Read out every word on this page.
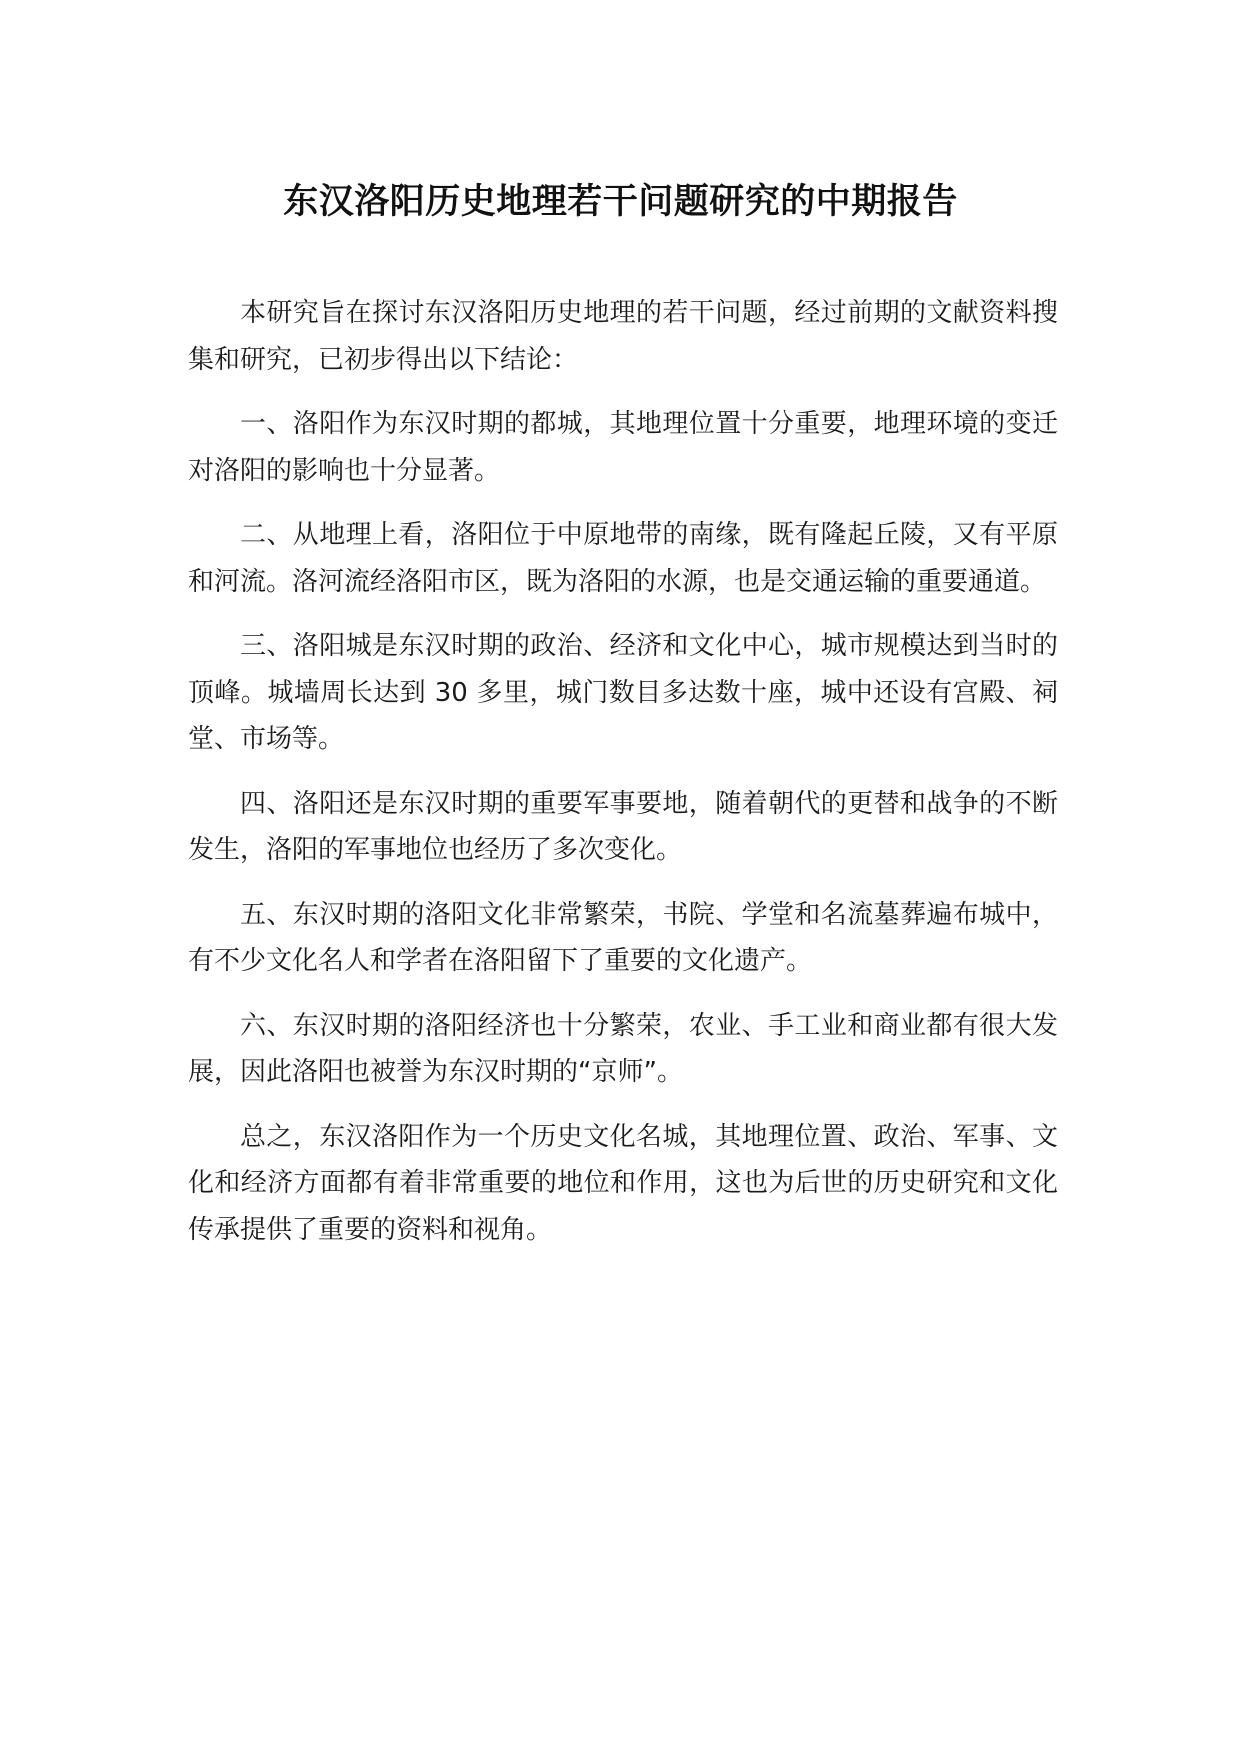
东汉洛阳历史地理若干问题研究的中期报告

本研究旨在探讨东汉洛阳历史地理的若干问题，经过前期的文献资料搜集和研究，已初步得出以下结论：

一、洛阳作为东汉时期的都城，其地理位置十分重要，地理环境的变迁对洛阳的影响也十分显著。

二、从地理上看，洛阳位于中原地带的南缘，既有隆起丘陵，又有平原和河流。洛河流经洛阳市区，既为洛阳的水源，也是交通运输的重要通道。

三、洛阳城是东汉时期的政治、经济和文化中心，城市规模达到当时的顶峰。城墙周长达到 30 多里，城门数目多达数十座，城中还设有宫殿、祠堂、市场等。

四、洛阳还是东汉时期的重要军事要地，随着朝代的更替和战争的不断发生，洛阳的军事地位也经历了多次变化。

五、东汉时期的洛阳文化非常繁荣，书院、学堂和名流墓葬遍布城中，有不少文化名人和学者在洛阳留下了重要的文化遗产。

六、东汉时期的洛阳经济也十分繁荣，农业、手工业和商业都有很大发展，因此洛阳也被誉为东汉时期的“京师”。

总之，东汉洛阳作为一个历史文化名城，其地理位置、政治、军事、文化和经济方面都有着非常重要的地位和作用，这也为后世的历史研究和文化传承提供了重要的资料和视角。
